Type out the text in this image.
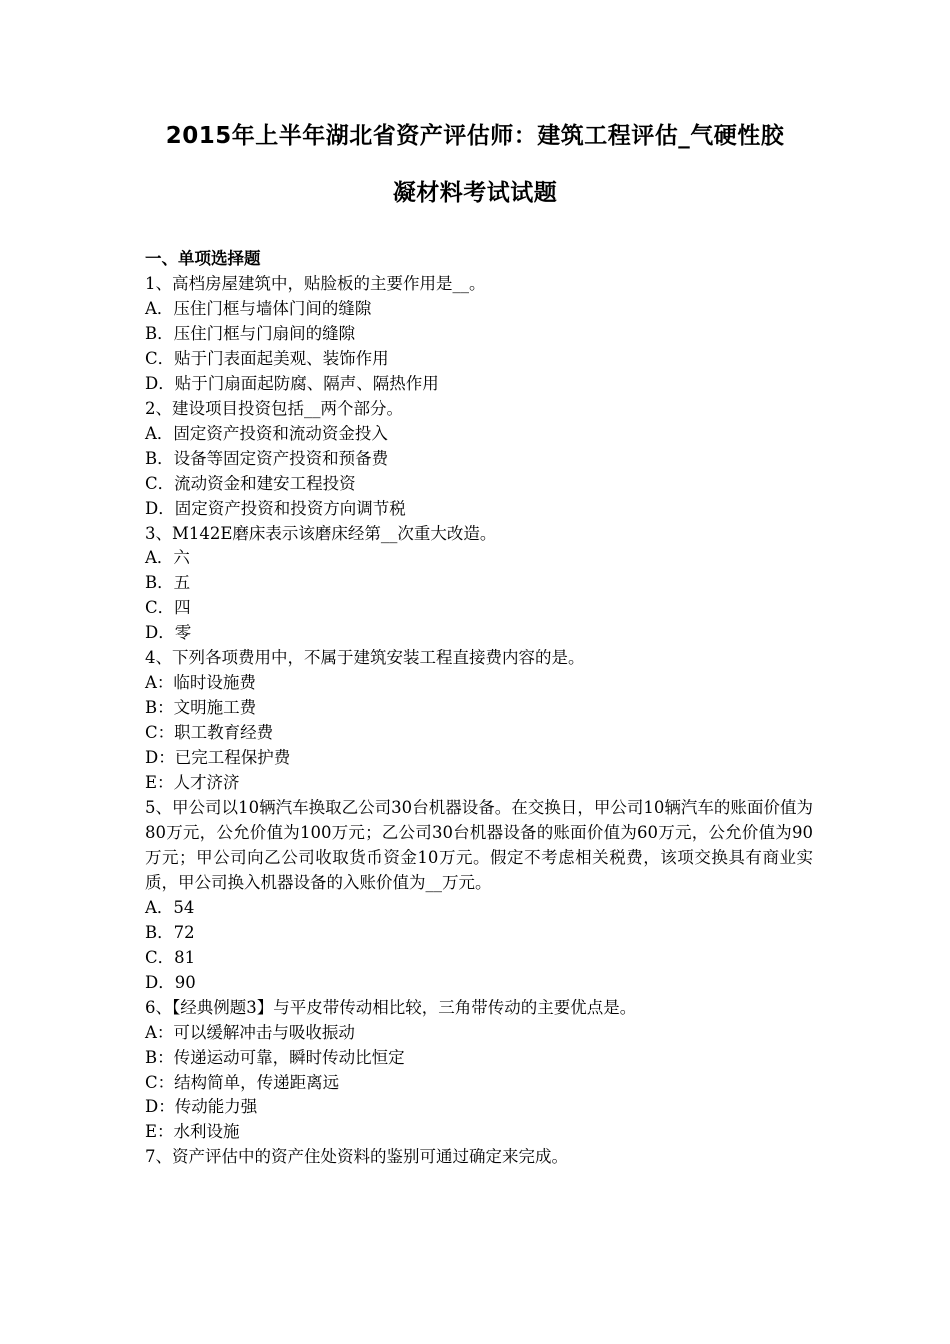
2015年上半年湖北省资产评估师：建筑工程评估_气硬性胶
凝材料考试试题
一、单项选择题
1、高档房屋建筑中，贴脸板的主要作用是__。
A．压住门框与墙体门间的缝隙
B．压住门框与门扇间的缝隙
C．贴于门表面起美观、装饰作用
D．贴于门扇面起防腐、隔声、隔热作用
2、建设项目投资包括__两个部分。
A．固定资产投资和流动资金投入
B．设备等固定资产投资和预备费
C．流动资金和建安工程投资
D．固定资产投资和投资方向调节税
3、M142E磨床表示该磨床经第__次重大改造。
A．六
B．五
C．四
D．零
4、下列各项费用中，不属于建筑安装工程直接费内容的是。
A：临时设施费
B：文明施工费
C：职工教育经费
D：已完工程保护费
E：人才济济
5、甲公司以10辆汽车换取乙公司30台机器设备。在交换日，甲公司10辆汽车的账面价值为80万元，公允价值为100万元；乙公司30台机器设备的账面价值为60万元，公允价值为90万元；甲公司向乙公司收取货币资金10万元。假定不考虑相关税费，该项交换具有商业实质，甲公司换入机器设备的入账价值为__万元。
A．54
B．72
C．81
D．90
6、【经典例题3】与平皮带传动相比较，三角带传动的主要优点是。
A：可以缓解冲击与吸收振动
B：传递运动可靠，瞬时传动比恒定
C：结构简单，传递距离远
D：传动能力强
E：水利设施
7、资产评估中的资产住处资料的鉴别可通过确定来完成。
